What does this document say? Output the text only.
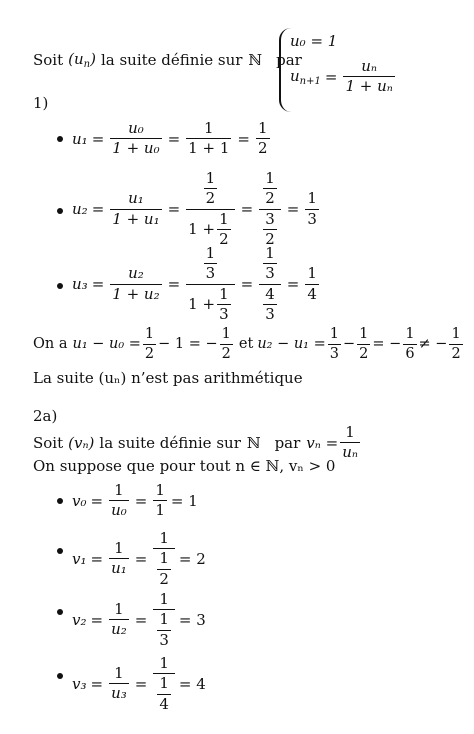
Soit $(u_n)$ la suite définie sur ℕ par
u₀ = 1
$u_{n+1} = \frac{\text{uₙ}}{\text{1 + uₙ}}$
1)
$u_1 = \frac{\text{u₀}}{\text{1 + u₀}} = \frac{1}{1 + 1} = \frac{1}{2}$
$u_2 = \frac{\text{u₁}}{\text{1 + u₁}} = \frac{\frac{1}{2}}{1 + \frac{1}{2}} = \frac{\frac{1}{2}}{\frac{3}{2}} = \frac{1}{3}$
$u_3 = \frac{\text{u₂}}{\text{1 + u₂}} = \frac{\frac{1}{3}}{1 + \frac{1}{3}} = \frac{\frac{1}{3}}{\frac{4}{3}} = \frac{1}{4}$
On a $u_1 - u_0 = \frac{1}{2} - 1$ = − $\frac{1}{2}$ et $u_2 - u_1 = \frac{1}{3} - \frac{1}{2}$ = − $\frac{1}{6}$ ≠ − $\frac{1}{2}$
La suite (uₙ) n’est pas arithmétique
2a)
Soit (vₙ) la suite définie sur ℕ par $v_n = \frac{1}{\text{uₙ}}$
On suppose que pour tout n ∈ ℕ, vₙ > 0
$v_0 = \frac{1}{\text{u₀}} = \frac{1}{1} = 1$
$v_1 = \frac{1}{\text{u₁}} = \frac{1}{\frac{1}{2}} = 2$
$v_2 = \frac{1}{\text{u₂}} = \frac{1}{\frac{1}{3}} = 3$
$v_3 = \frac{1}{\text{u₃}} = \frac{1}{\frac{1}{4}} = 4$
